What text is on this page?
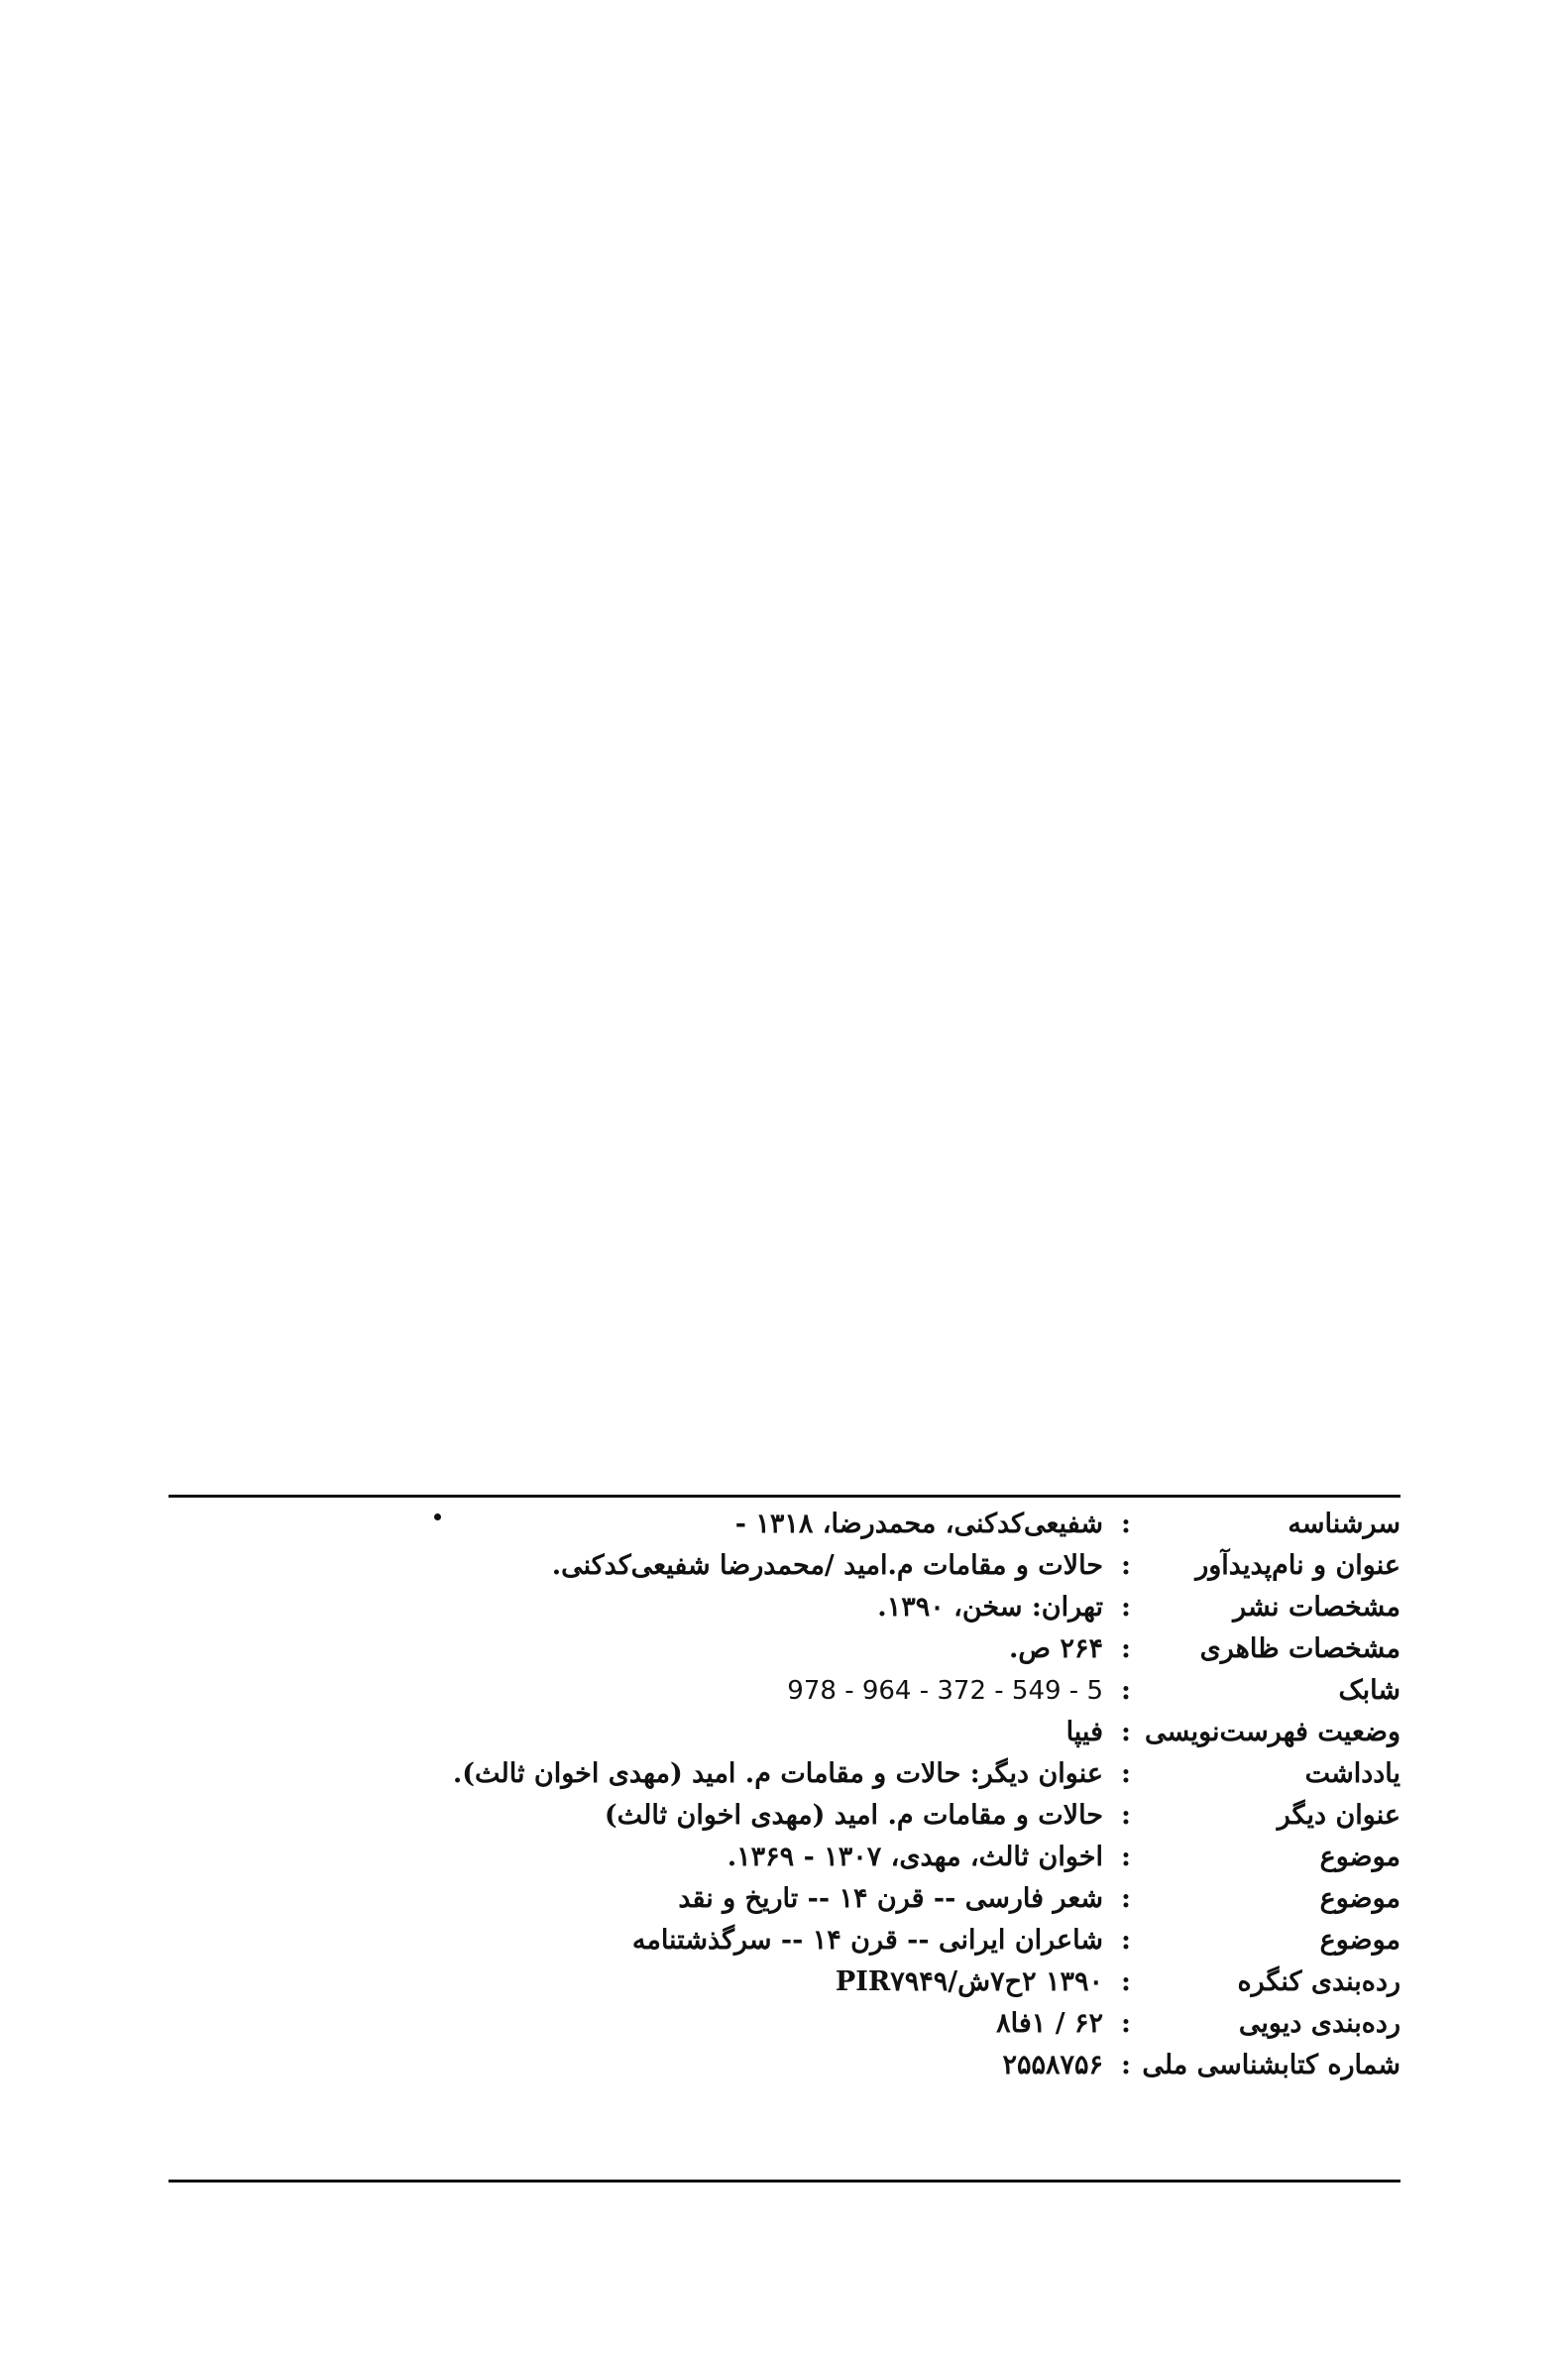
سرشناسه
:
شفیعی‌کدکنی، محمدرضا، ۱۳۱۸ -
عنوان و نام‌پدیدآور
:
حالات و مقامات م.امید /محمدرضا شفیعی‌کدکنی.
مشخصات نشر
:
تهران: سخن، ۱۳۹۰.
مشخصات ظاهری
:
۲۶۴ ص.
شابک
:
978 - 964 - 372 - 549 - 5
وضعیت فهرست‌نویسی
:
فیپا
یادداشت
:
عنوان دیگر: حالات و مقامات م. امید (مهدی اخوان ثالث).
عنوان دیگر
:
حالات و مقامات م. امید (مهدی اخوان ثالث)
موضوع
:
اخوان ثالث، مهدی، ۱۳۰۷ - ۱۳۶۹.
موضوع
:
شعر فارسی -- قرن ۱۴ -- تاریخ و نقد
موضوع
:
شاعران ایرانی -- قرن ۱۴ -- سرگذشتنامه
رده‌بندی کنگره
:
۱۳۹۰ ۲ح۷ش/PIR۷۹۴۹
رده‌بندی دیویی
:
۶۲ / ۱فا۸
شماره کتابشناسی ملی
:
۲۵۵۸۷۵۶
